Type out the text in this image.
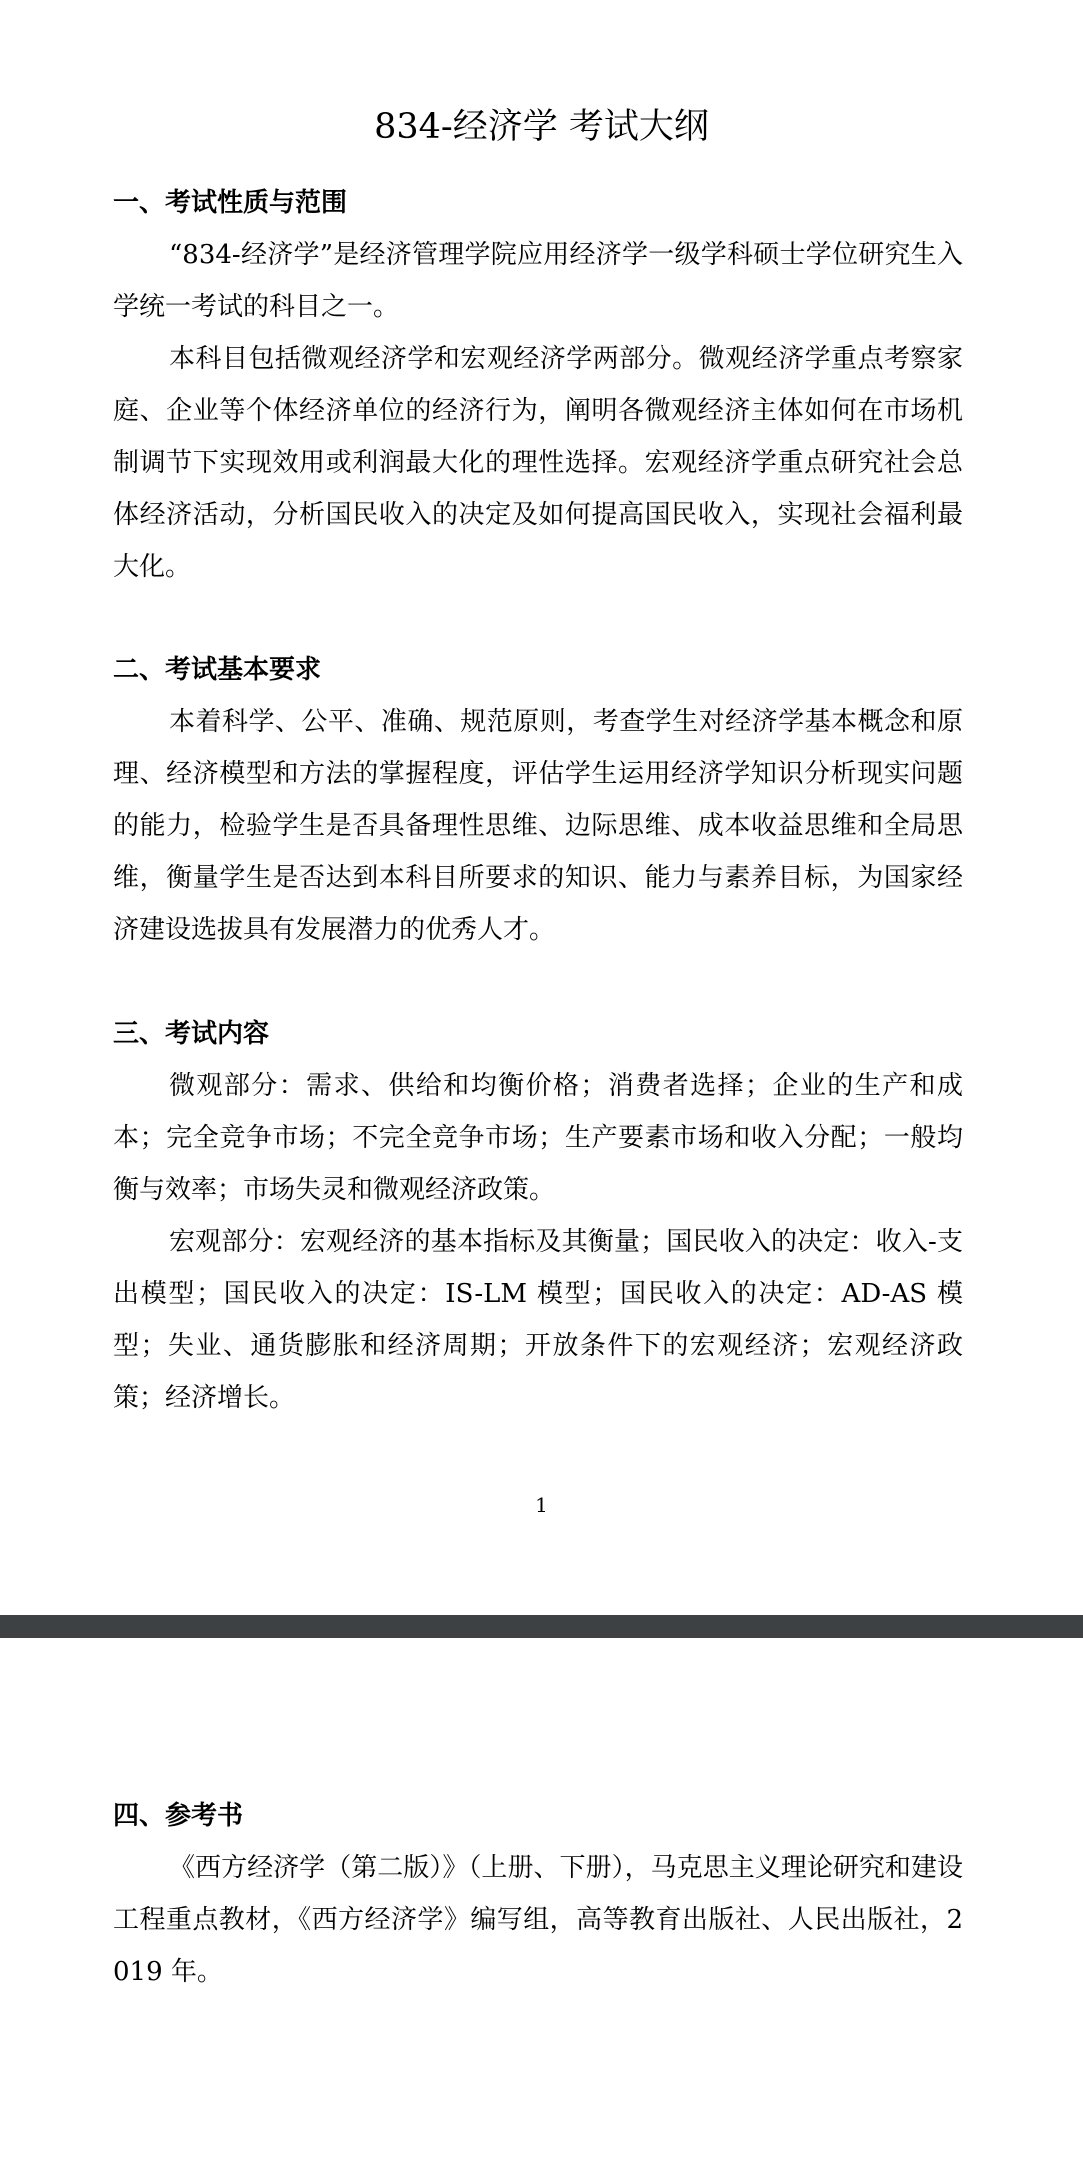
834-经济学 考试大纲
一、考试性质与范围

“834-经济学”是经济管理学院应用经济学一级学科硕士学位研究生入学统一考试的科目之一。

本科目包括微观经济学和宏观经济学两部分。微观经济学重点考察家庭、企业等个体经济单位的经济行为，阐明各微观经济主体如何在市场机制调节下实现效用或利润最大化的理性选择。宏观经济学重点研究社会总体经济活动，分析国民收入的决定及如何提高国民收入，实现社会福利最大化。

二、考试基本要求

本着科学、公平、准确、规范原则，考查学生对经济学基本概念和原理、经济模型和方法的掌握程度，评估学生运用经济学知识分析现实问题的能力，检验学生是否具备理性思维、边际思维、成本收益思维和全局思维，衡量学生是否达到本科目所要求的知识、能力与素养目标，为国家经济建设选拔具有发展潜力的优秀人才。

三、考试内容

微观部分：需求、供给和均衡价格；消费者选择；企业的生产和成本；完全竞争市场；不完全竞争市场；生产要素市场和收入分配；一般均衡与效率；市场失灵和微观经济政策。

宏观部分：宏观经济的基本指标及其衡量；国民收入的决定：收入-支出模型；国民收入的决定：IS-LM 模型；国民收入的决定：AD-AS 模型；失业、通货膨胀和经济周期；开放条件下的宏观经济；宏观经济政策；经济增长。

1
四、参考书

《西方经济学（第二版）》（上册、下册），马克思主义理论研究和建设工程重点教材，《西方经济学》编写组，高等教育出版社、人民出版社，2019 年。
